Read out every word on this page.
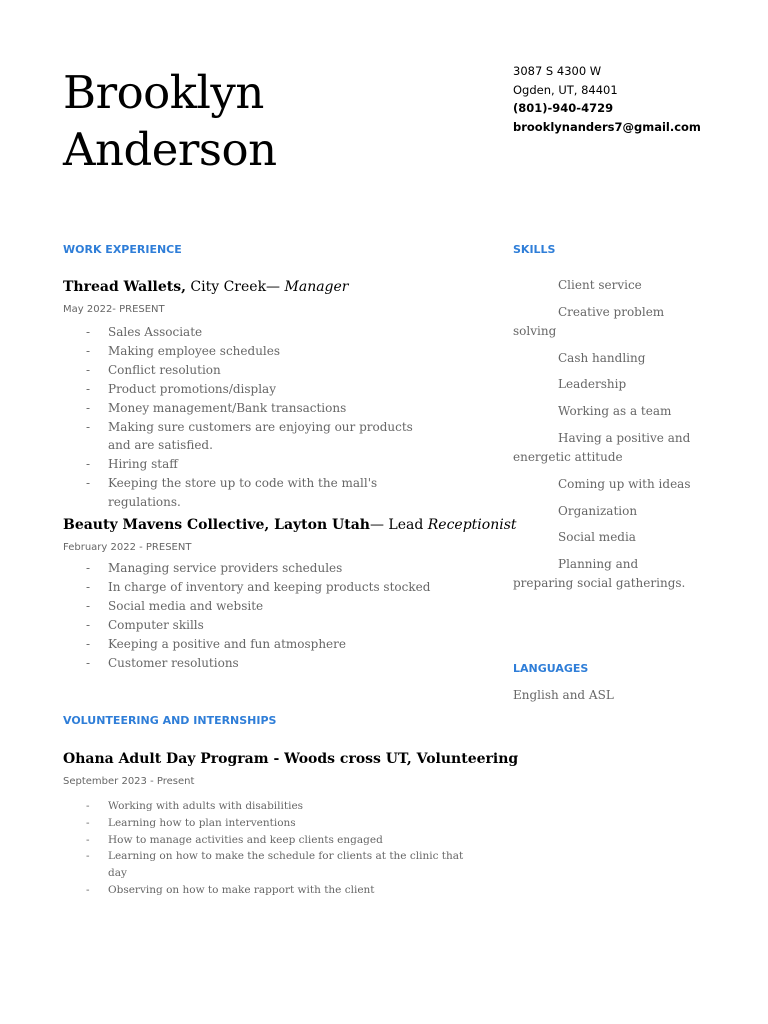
Brooklyn
Anderson
3087 S 4300 W
Ogden, UT, 84401
(801)-940-4729
brooklynanders7@gmail.com
WORK EXPERIENCE
Thread Wallets, City Creek— Manager
May 2022- PRESENT
- Sales Associate
- Making employee schedules
- Conflict resolution
- Product promotions/display
- Money management/Bank transactions
- Making sure customers are enjoying our products and are satisfied.
- Hiring staff
- Keeping the store up to code with the mall's regulations.
Beauty Mavens Collective, Layton Utah— Lead Receptionist
February 2022 - PRESENT
- Managing service providers schedules
- In charge of inventory and keeping products stocked
- Social media and website
- Computer skills
- Keeping a positive and fun atmosphere
- Customer resolutions
VOLUNTEERING AND INTERNSHIPS
Ohana Adult Day Program - Woods cross UT, Volunteering
September 2023 - Present
- Working with adults with disabilities
- Learning how to plan interventions
- How to manage activities and keep clients engaged
- Learning on how to make the schedule for clients at the clinic that day
- Observing on how to make rapport with the client
SKILLS
Client service
Creative problem solving
Cash handling
Leadership
Working as a team
Having a positive and energetic attitude
Coming up with ideas
Organization
Social media
Planning and preparing social gatherings.
LANGUAGES
English and ASL
